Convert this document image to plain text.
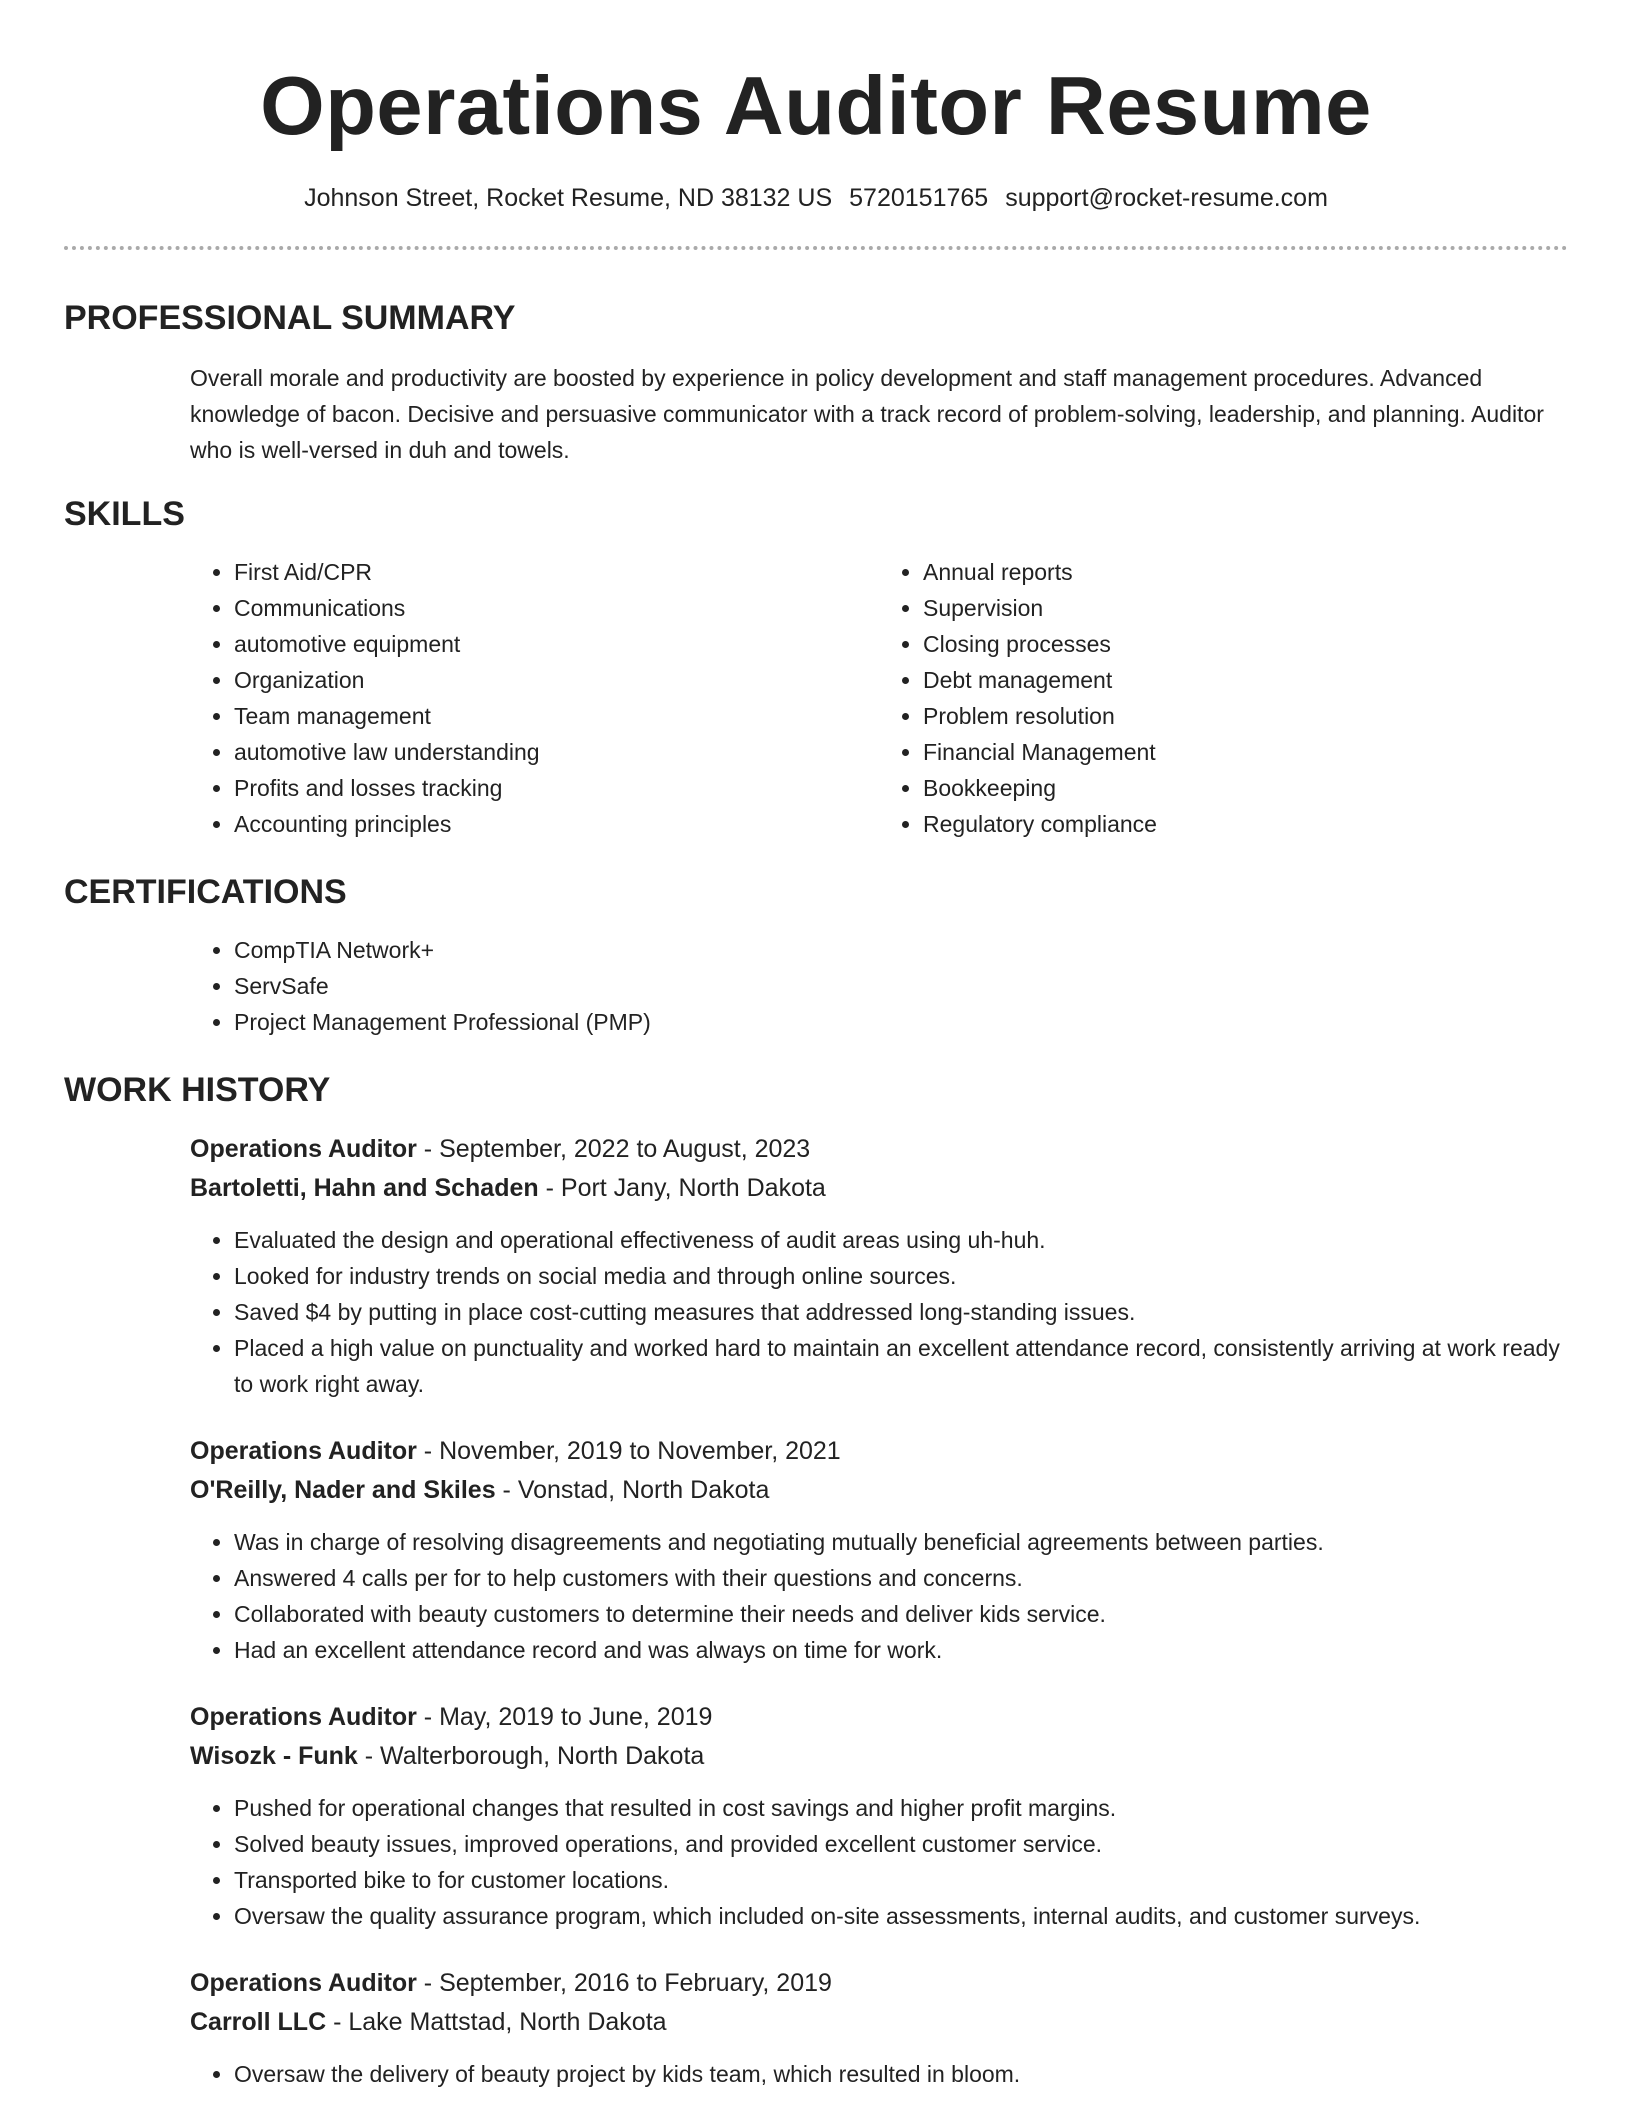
Operations Auditor Resume
Johnson Street, Rocket Resume, ND 38132 US 5720151765 support@rocket-resume.com
PROFESSIONAL SUMMARY

Overall morale and productivity are boosted by experience in policy development and staff management procedures. Advanced knowledge of bacon. Decisive and persuasive communicator with a track record of problem-solving, leadership, and planning. Auditor who is well-versed in duh and towels.

SKILLS
• First Aid/CPR
• Communications
• automotive equipment
• Organization
• Team management
• automotive law understanding
• Profits and losses tracking
• Accounting principles
• Annual reports
• Supervision
• Closing processes
• Debt management
• Problem resolution
• Financial Management
• Bookkeeping
• Regulatory compliance
CERTIFICATIONS
• CompTIA Network+
• ServSafe
• Project Management Professional (PMP)
WORK HISTORY
Operations Auditor - September, 2022 to August, 2023
Bartoletti, Hahn and Schaden - Port Jany, North Dakota
• Evaluated the design and operational effectiveness of audit areas using uh-huh.
• Looked for industry trends on social media and through online sources.
• Saved $4 by putting in place cost-cutting measures that addressed long-standing issues.
• Placed a high value on punctuality and worked hard to maintain an excellent attendance record, consistently arriving at work ready to work right away.
Operations Auditor - November, 2019 to November, 2021
O'Reilly, Nader and Skiles - Vonstad, North Dakota
• Was in charge of resolving disagreements and negotiating mutually beneficial agreements between parties.
• Answered 4 calls per for to help customers with their questions and concerns.
• Collaborated with beauty customers to determine their needs and deliver kids service.
• Had an excellent attendance record and was always on time for work.
Operations Auditor - May, 2019 to June, 2019
Wisozk - Funk - Walterborough, North Dakota
• Pushed for operational changes that resulted in cost savings and higher profit margins.
• Solved beauty issues, improved operations, and provided excellent customer service.
• Transported bike to for customer locations.
• Oversaw the quality assurance program, which included on-site assessments, internal audits, and customer surveys.
Operations Auditor - September, 2016 to February, 2019
Carroll LLC - Lake Mattstad, North Dakota
• Oversaw the delivery of beauty project by kids team, which resulted in bloom.
